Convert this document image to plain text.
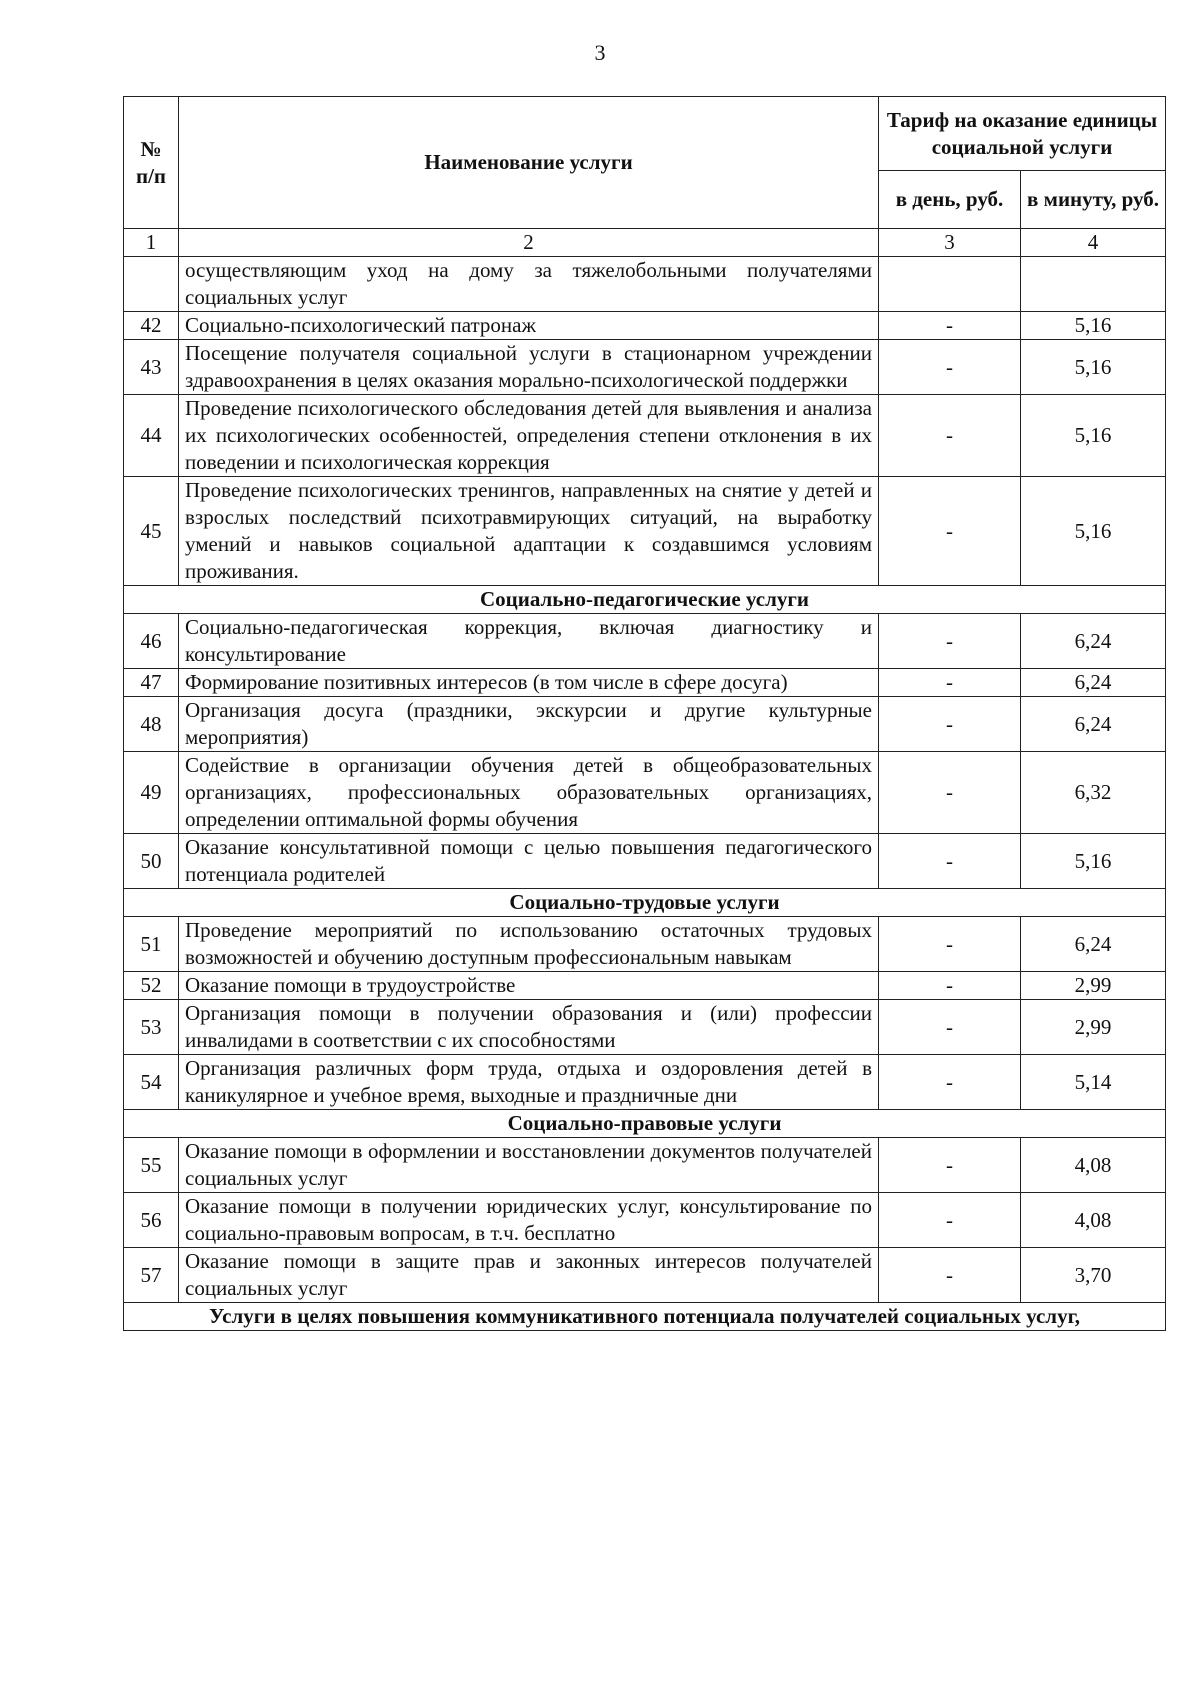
3
№ п/п	Наименование услуги	Тариф на оказание единицы социальной услуги	
		в день, руб.	в минуту, руб.
1	2	3	4
	осуществляющим уход на дому за тяжелобольными получателями социальных услуг		
42	Социально-психологический патронаж	-	5,16
43	Посещение получателя социальной услуги в стационарном учреждении здравоохранения в целях оказания морально-психологической поддержки	-	5,16
44	Проведение психологического обследования детей для выявления и анализа их психологических особенностей, определения степени отклонения в их поведении и психологическая коррекция	-	5,16
45	Проведение психологических тренингов, направленных на снятие у детей и взрослых последствий психотравмирующих ситуаций, на выработку умений и навыков социальной адаптации к создавшимся условиям проживания.	-	5,16
Социально-педагогические услуги			
46	Социально-педагогическая коррекция, включая диагностику и консультирование	-	6,24
47	Формирование позитивных интересов (в том числе в сфере досуга)	-	6,24
48	Организация досуга (праздники, экскурсии и другие культурные мероприятия)	-	6,24
49	Содействие в организации обучения детей в общеобразовательных организациях, профессиональных образовательных организациях, определении оптимальной формы обучения	-	6,32
50	Оказание консультативной помощи с целью повышения педагогического потенциала родителей	-	5,16
Социально-трудовые услуги			
51	Проведение мероприятий по использованию остаточных трудовых возможностей и обучению доступным профессиональным навыкам	-	6,24
52	Оказание помощи в трудоустройстве	-	2,99
53	Организация помощи в получении образования и (или) профессии инвалидами в соответствии с их способностями	-	2,99
54	Организация различных форм труда, отдыха и оздоровления детей в каникулярное и учебное время, выходные и праздничные дни	-	5,14
Социально-правовые услуги			
55	Оказание помощи в оформлении и восстановлении документов получателей социальных услуг	-	4,08
56	Оказание помощи в получении юридических услуг, консультирование по социально-правовым вопросам, в т.ч. бесплатно	-	4,08
57	Оказание помощи в защите прав и законных интересов получателей социальных услуг	-	3,70
Услуги в целях повышения коммуникативного потенциала получателей социальных услуг,			
